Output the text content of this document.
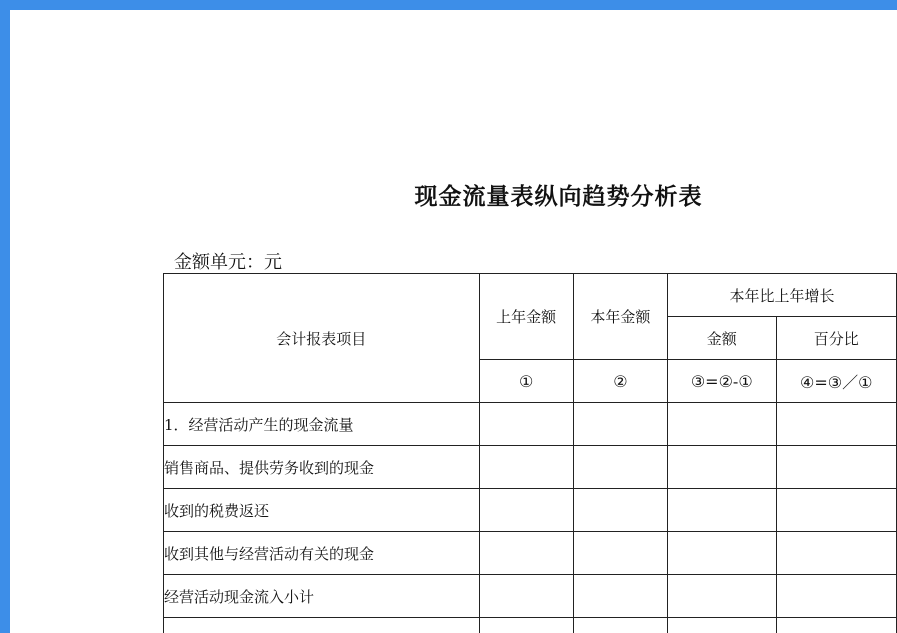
现金流量表纵向趋势分析表
金额单元：元
会计报表项目	上年金额	本年金额	本年比上年增长	
			金额	百分比
	①	②	③=②-①	④=③／①
1．经营活动产生的现金流量				
销售商品、提供劳务收到的现金				
收到的税费返还				
收到其他与经营活动有关的现金				
经营活动现金流入小计				
